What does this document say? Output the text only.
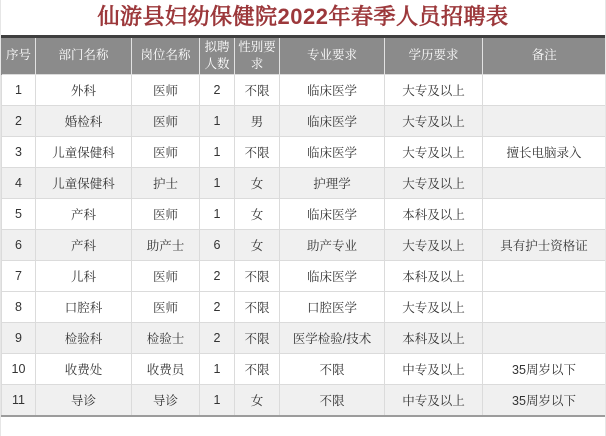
仙游县妇幼保健院2022年春季人员招聘表
序号	部门名称	岗位名称	拟聘人数	性别要求	专业要求	学历要求	备注
1	外科	医师	2	不限	临床医学	大专及以上	
2	婚检科	医师	1	男	临床医学	大专及以上	
3	儿童保健科	医师	1	不限	临床医学	大专及以上	擅长电脑录入
4	儿童保健科	护士	1	女	护理学	大专及以上	
5	产科	医师	1	女	临床医学	本科及以上	
6	产科	助产士	6	女	助产专业	大专及以上	具有护士资格证
7	儿科	医师	2	不限	临床医学	本科及以上	
8	口腔科	医师	2	不限	口腔医学	大专及以上	
9	检验科	检验士	2	不限	医学检验/技术	本科及以上	
10	收费处	收费员	1	不限	不限	中专及以上	35周岁以下
11	导诊	导诊	1	女	不限	中专及以上	35周岁以下
